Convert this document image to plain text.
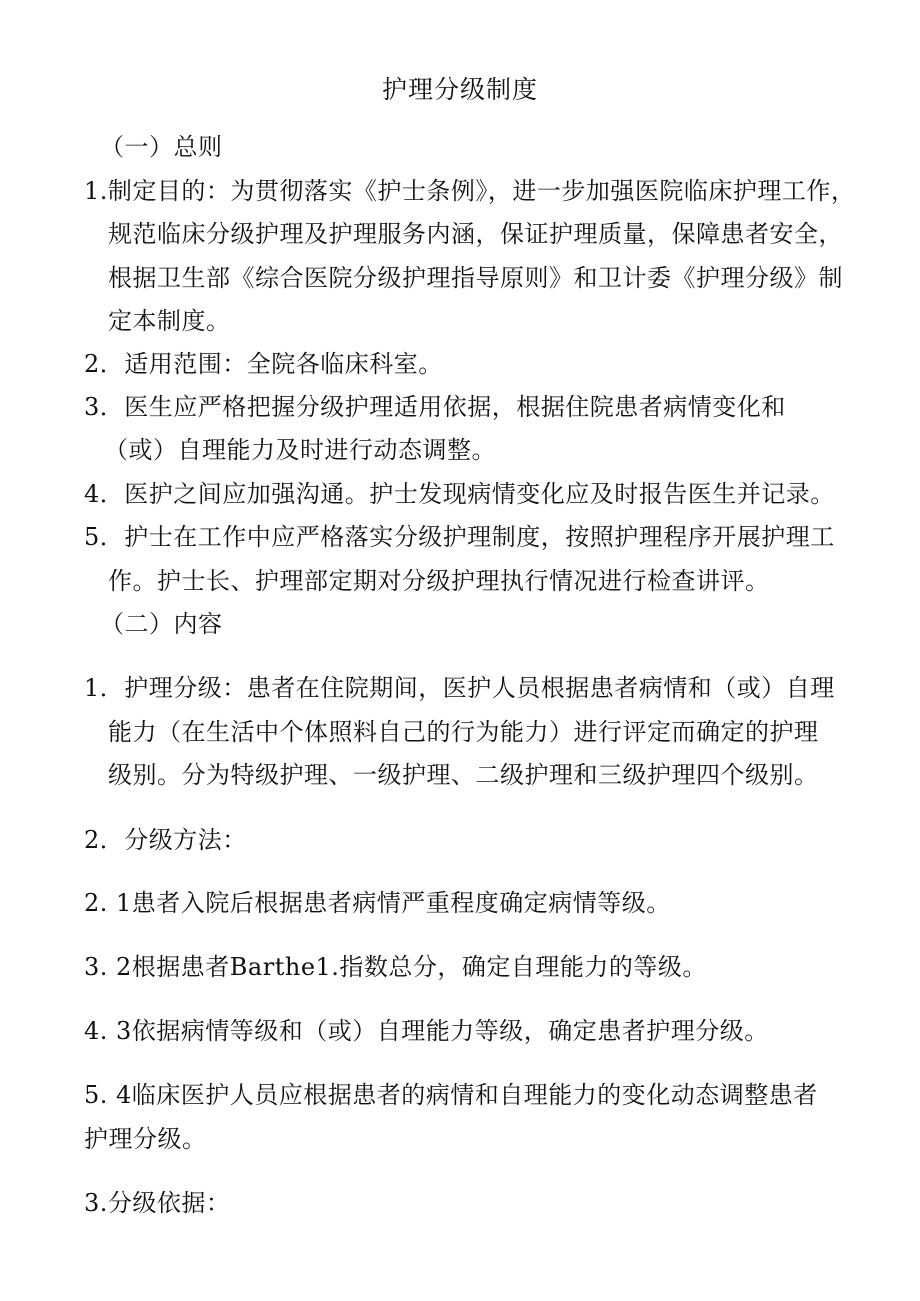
护理分级制度
（一）总则
1.制定目的：为贯彻落实《护士条例》，进一步加强医院临床护理工作，
规范临床分级护理及护理服务内涵，保证护理质量，保障患者安全，
根据卫生部《综合医院分级护理指导原则》和卫计委《护理分级》制
定本制度。
2．适用范围：全院各临床科室。
3．医生应严格把握分级护理适用依据，根据住院患者病情变化和
（或）自理能力及时进行动态调整。
4．医护之间应加强沟通。护士发现病情变化应及时报告医生并记录。
5．护士在工作中应严格落实分级护理制度，按照护理程序开展护理工
作。护士长、护理部定期对分级护理执行情况进行检查讲评。
（二）内容
1．护理分级：患者在住院期间，医护人员根据患者病情和（或）自理
能力（在生活中个体照料自己的行为能力）进行评定而确定的护理
级别。分为特级护理、一级护理、二级护理和三级护理四个级别。
2．分级方法：
2. 1患者入院后根据患者病情严重程度确定病情等级。
3. 2根据患者Barthe1.指数总分，确定自理能力的等级。
4. 3依据病情等级和（或）自理能力等级，确定患者护理分级。
5. 4临床医护人员应根据患者的病情和自理能力的变化动态调整患者
护理分级。
3.分级依据：
